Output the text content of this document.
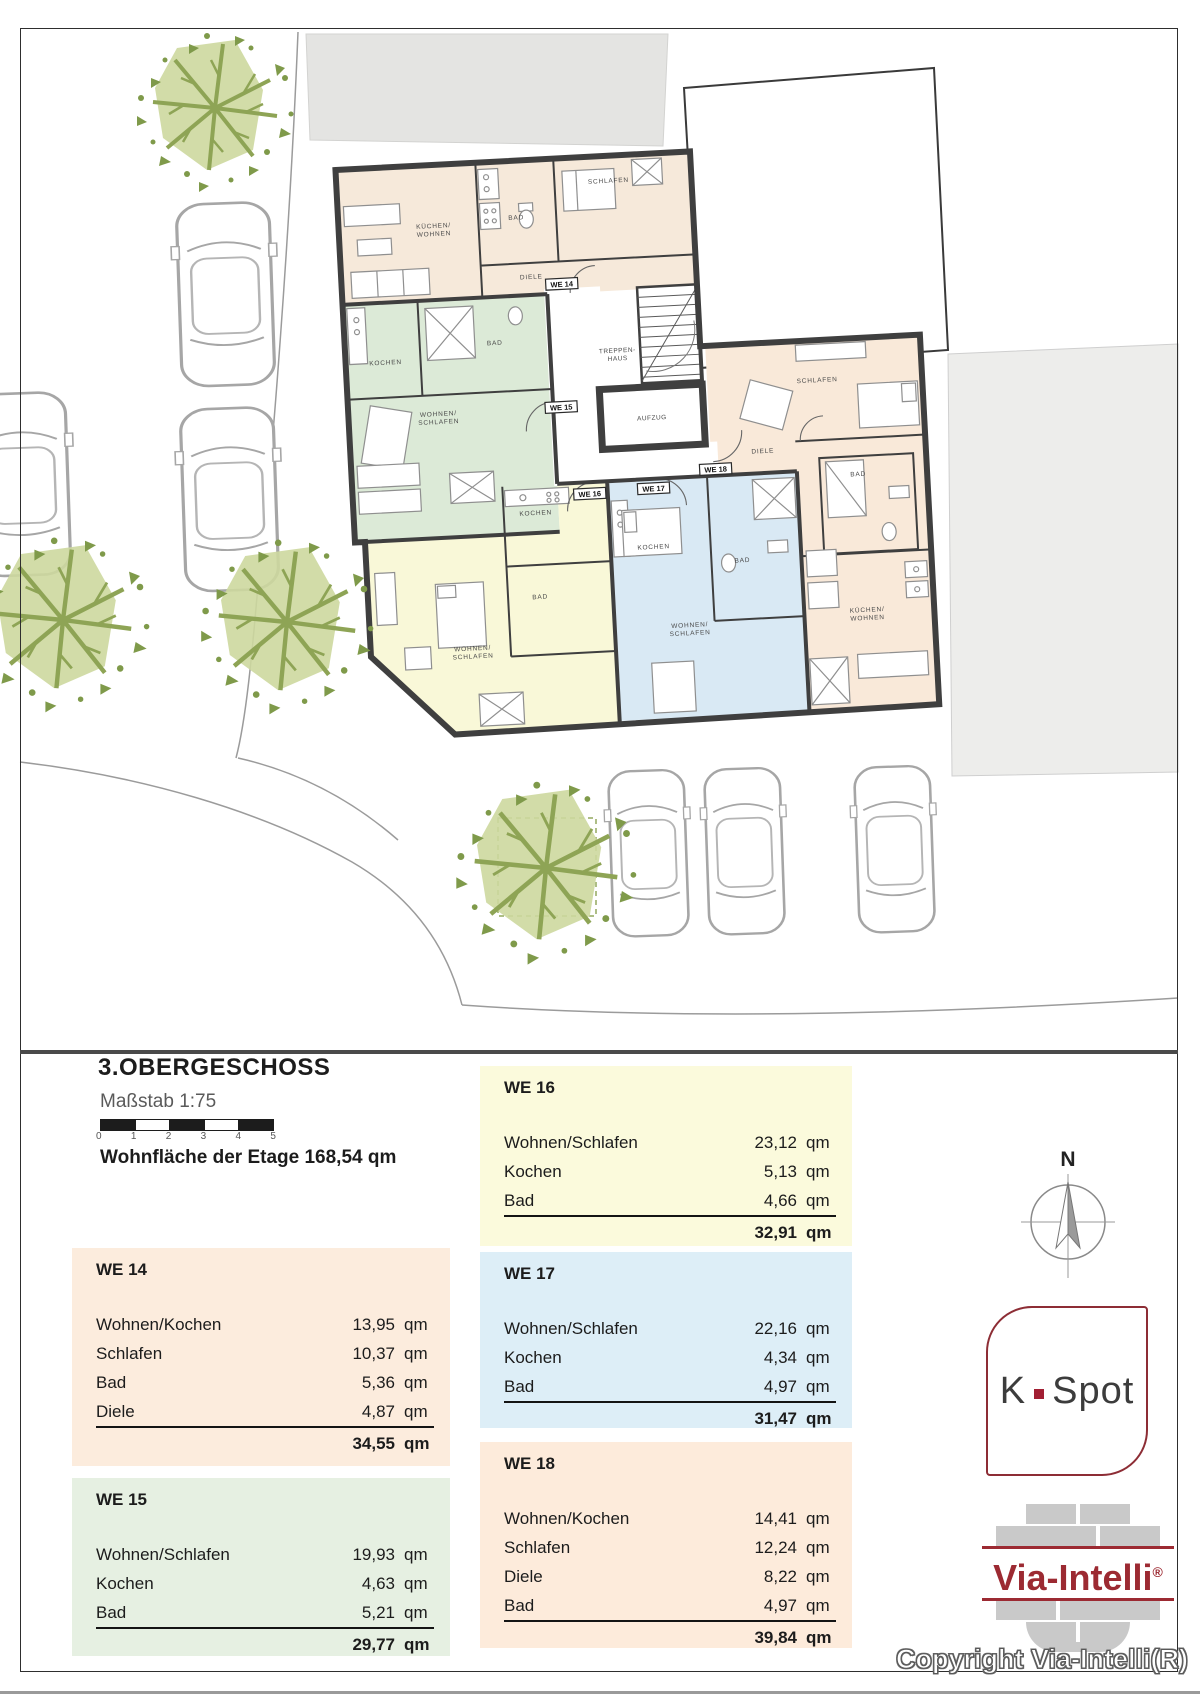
TREPPEN-
HAUS
AUFZUG
KÜCHEN/
WOHNEN
BAD
SCHLAFEN
DIELE
KOCHEN
BAD
WOHNEN/
SCHLAFEN
KOCHEN
BAD
WOHNEN/
SCHLAFEN
KOCHEN
BAD
WOHNEN/
SCHLAFEN
SCHLAFEN
DIELE
BAD
KÜCHEN/
WOHNEN
WE 14
WE 15
WE 16
WE 17
WE 18
3.OBERGESCHOSS
Maßstab 1:75
0	1	2	3	4	5
Wohnfläche der Etage 168,54 qm
WE 14
Wohnen/Kochen	13,95 qm
Schlafen	10,37 qm
Bad	5,36 qm
Diele	4,87 qm
34,55 qm
WE 15
Wohnen/Schlafen	19,93 qm
Kochen	4,63 qm
Bad	5,21 qm
29,77 qm
WE 16
Wohnen/Schlafen	23,12 qm
Kochen	5,13 qm
Bad	4,66 qm
32,91 qm
WE 17
Wohnen/Schlafen	22,16 qm
Kochen	4,34 qm
Bad	4,97 qm
31,47 qm
WE 18
Wohnen/Kochen	14,41 qm
Schlafen	12,24 qm
Diele	8,22 qm
Bad	4,97 qm
39,84 qm
N
K Spot
Via-Intelli®
Copyright Via-Intelli(R)
